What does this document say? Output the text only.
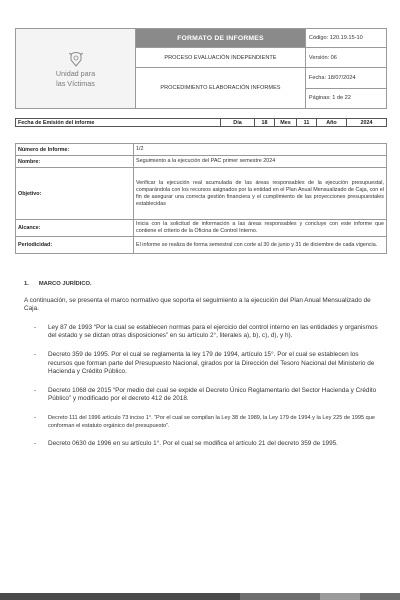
Unidad para
las Víctimas	FORMATO DE INFORMES	Código: 120.19.15-10
	PROCESO EVALUACIÓN INDEPENDIENTE	Versión: 06
	PROCEDIMIENTO ELABORACIÓN INFORMES	Fecha: 18/07/2024
		Páginas: 1 de 22
Fecha de Emisión del informe	Día	18	Mes	11	Año	2024
Número de Informe:	1/2
Nombre:	Seguimiento a la ejecución del PAC primer semestre 2024
Objetivo:	Verificar la ejecución real acumulada de las áreas responsables de la ejecución presupuestal, comparándola con los recursos asignados por la entidad en el Plan Anual Mensualizado de Caja, con el fin de asegurar una correcta gestión financiera y el cumplimiento de las proyecciones presupuestales establecidas
Alcance:	Inicia con la solicitud de información a las áreas responsables y concluye con este informe que contiene el criterio de la Oficina de Control Interno.
Periodicidad:	El informe se realiza de forma semestral con corte al 30 de junio y 31 de diciembre de cada vigencia.
1. MARCO JURÍDICO.
A continuación, se presenta el marco normativo que soporta el seguimiento a la ejecución del Plan Anual Mensualizado de Caja.
-	Ley 87 de 1993 “Por la cual se establecen normas para el ejercicio del control interno en las entidades y organismos del estado y se dictan otras disposiciones” en su artículo 2°, literales a), b), c), d), y h).
-	Decreto 359 de 1995. Por el cual se reglamenta la ley 179 de 1994, artículo 15°. Por el cual se establecen los recursos que forman parte del Presupuesto Nacional, girados por la Dirección del Tesoro Nacional del Ministerio de Hacienda y Crédito Público.
-	Decreto 1068 de 2015 “Por medio del cual se expide el Decreto Único Reglamentario del Sector Hacienda y Crédito Público” y modificado por el decreto 412 de 2018.
-	Decreto 111 del 1996 artículo 73 inciso 1°. “Por el cual se compilan la Ley 38 de 1989, la Ley 179 de 1994 y la Ley 225 de 1995 que conforman el estatuto orgánico del presupuesto”.
-	Decreto 0630 de 1996 en su artículo 1°. Por el cual se modifica el artículo 21 del decreto 359 de 1995.
